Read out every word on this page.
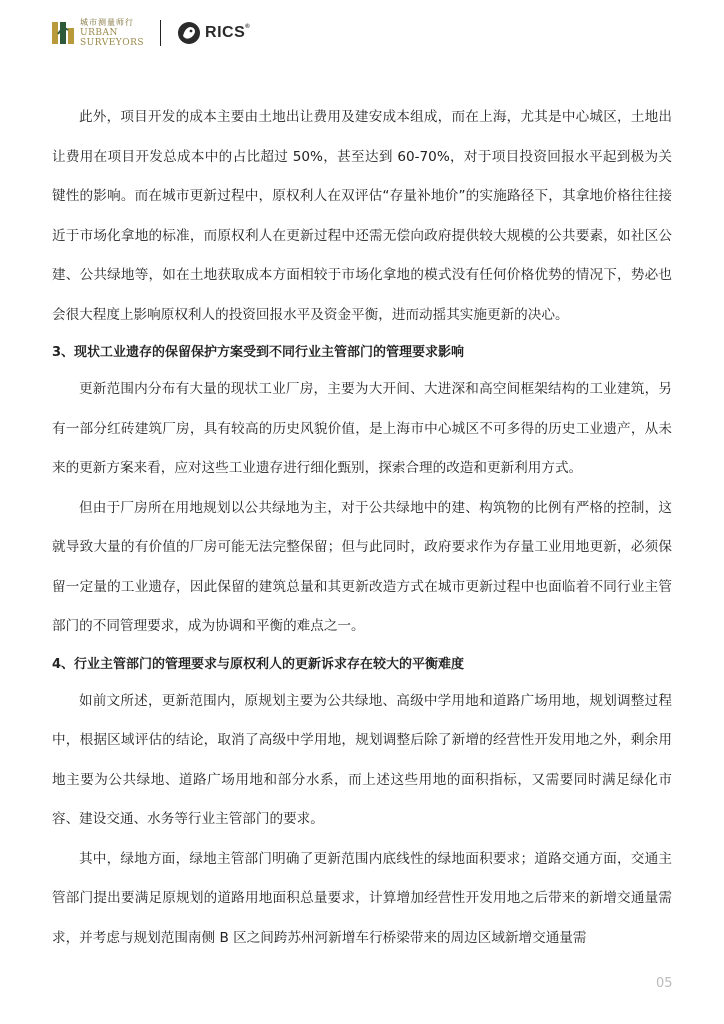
城市测量师行
URBAN
SURVEYORS
RICS®

此外，项目开发的成本主要由土地出让费用及建安成本组成，而在上海，尤其是中心城区，土地出让费用在项目开发总成本中的占比超过 50%，甚至达到 60-70%，对于项目投资回报水平起到极为关键性的影响。而在城市更新过程中，原权利人在双评估“存量补地价”的实施路径下，其拿地价格往往接近于市场化拿地的标准，而原权利人在更新过程中还需无偿向政府提供较大规模的公共要素，如社区公建、公共绿地等，如在土地获取成本方面相较于市场化拿地的模式没有任何价格优势的情况下，势必也会很大程度上影响原权利人的投资回报水平及资金平衡，进而动摇其实施更新的决心。

3、现状工业遗存的保留保护方案受到不同行业主管部门的管理要求影响

更新范围内分布有大量的现状工业厂房，主要为大开间、大进深和高空间框架结构的工业建筑，另有一部分红砖建筑厂房，具有较高的历史风貌价值，是上海市中心城区不可多得的历史工业遗产，从未来的更新方案来看，应对这些工业遗存进行细化甄别，探索合理的改造和更新利用方式。

但由于厂房所在用地规划以公共绿地为主，对于公共绿地中的建、构筑物的比例有严格的控制，这就导致大量的有价值的厂房可能无法完整保留；但与此同时，政府要求作为存量工业用地更新，必须保留一定量的工业遗存，因此保留的建筑总量和其更新改造方式在城市更新过程中也面临着不同行业主管部门的不同管理要求，成为协调和平衡的难点之一。

4、行业主管部门的管理要求与原权利人的更新诉求存在较大的平衡难度

如前文所述，更新范围内，原规划主要为公共绿地、高级中学用地和道路广场用地，规划调整过程中，根据区域评估的结论，取消了高级中学用地，规划调整后除了新增的经营性开发用地之外，剩余用地主要为公共绿地、道路广场用地和部分水系，而上述这些用地的面积指标，又需要同时满足绿化市容、建设交通、水务等行业主管部门的要求。

其中，绿地方面，绿地主管部门明确了更新范围内底线性的绿地面积要求；道路交通方面，交通主管部门提出要满足原规划的道路用地面积总量要求，计算增加经营性开发用地之后带来的新增交通量需求，并考虑与规划范围南侧 B 区之间跨苏州河新增车行桥梁带来的周边区域新增交通量需

05
